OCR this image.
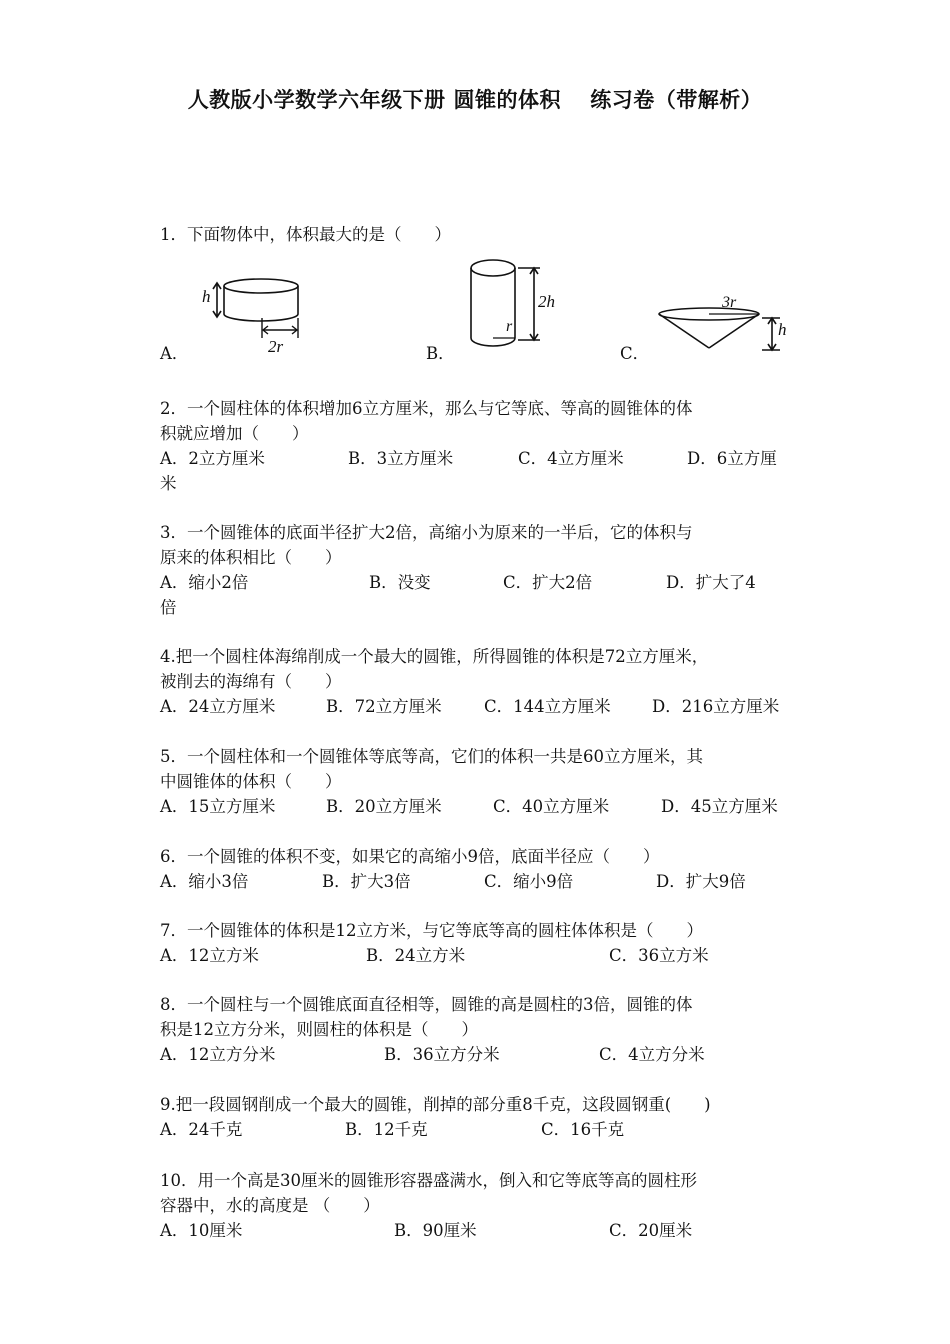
人教版小学数学六年级下册 圆锥的体积　 练习卷（带解析）

1．下面物体中，体积最大的是（　　）

A．	B．	C．
h
2r
2h
r
3r
h

2．一个圆柱体的体积增加6立方厘米，那么与它等底、等高的圆锥体的体

积就应增加（　　）

A．2立方厘米	B．3立方厘米	C．4立方厘米	D．6立方厘

米

3．一个圆锥体的底面半径扩大2倍，高缩小为原来的一半后，它的体积与

原来的体积相比（　　）

A．缩小2倍	B．没变	C．扩大2倍	D．扩大了4

倍

4.把一个圆柱体海绵削成一个最大的圆锥，所得圆锥的体积是72立方厘米，

被削去的海绵有（　　）

A．24立方厘米	B．72立方厘米	C．144立方厘米	D．216立方厘米

5．一个圆柱体和一个圆锥体等底等高，它们的体积一共是60立方厘米，其

中圆锥体的体积（　　）

A．15立方厘米	B．20立方厘米	C．40立方厘米	D．45立方厘米

6．一个圆锥的体积不变，如果它的高缩小9倍，底面半径应（　　）

A．缩小3倍	B．扩大3倍	C．缩小9倍	D．扩大9倍

7．一个圆锥体的体积是12立方米，与它等底等高的圆柱体体积是（　　）

A．12立方米	B．24立方米	C．36立方米

8．一个圆柱与一个圆锥底面直径相等，圆锥的高是圆柱的3倍，圆锥的体

积是12立方分米，则圆柱的体积是（　　）

A．12立方分米	B．36立方分米	C．4立方分米

9.把一段圆钢削成一个最大的圆锥，削掉的部分重8千克，这段圆钢重(　　)

A．24千克	B．12千克	C．16千克

10．用一个高是30厘米的圆锥形容器盛满水，倒入和它等底等高的圆柱形

容器中，水的高度是 （　　）

A．10厘米	B．90厘米	C．20厘米
